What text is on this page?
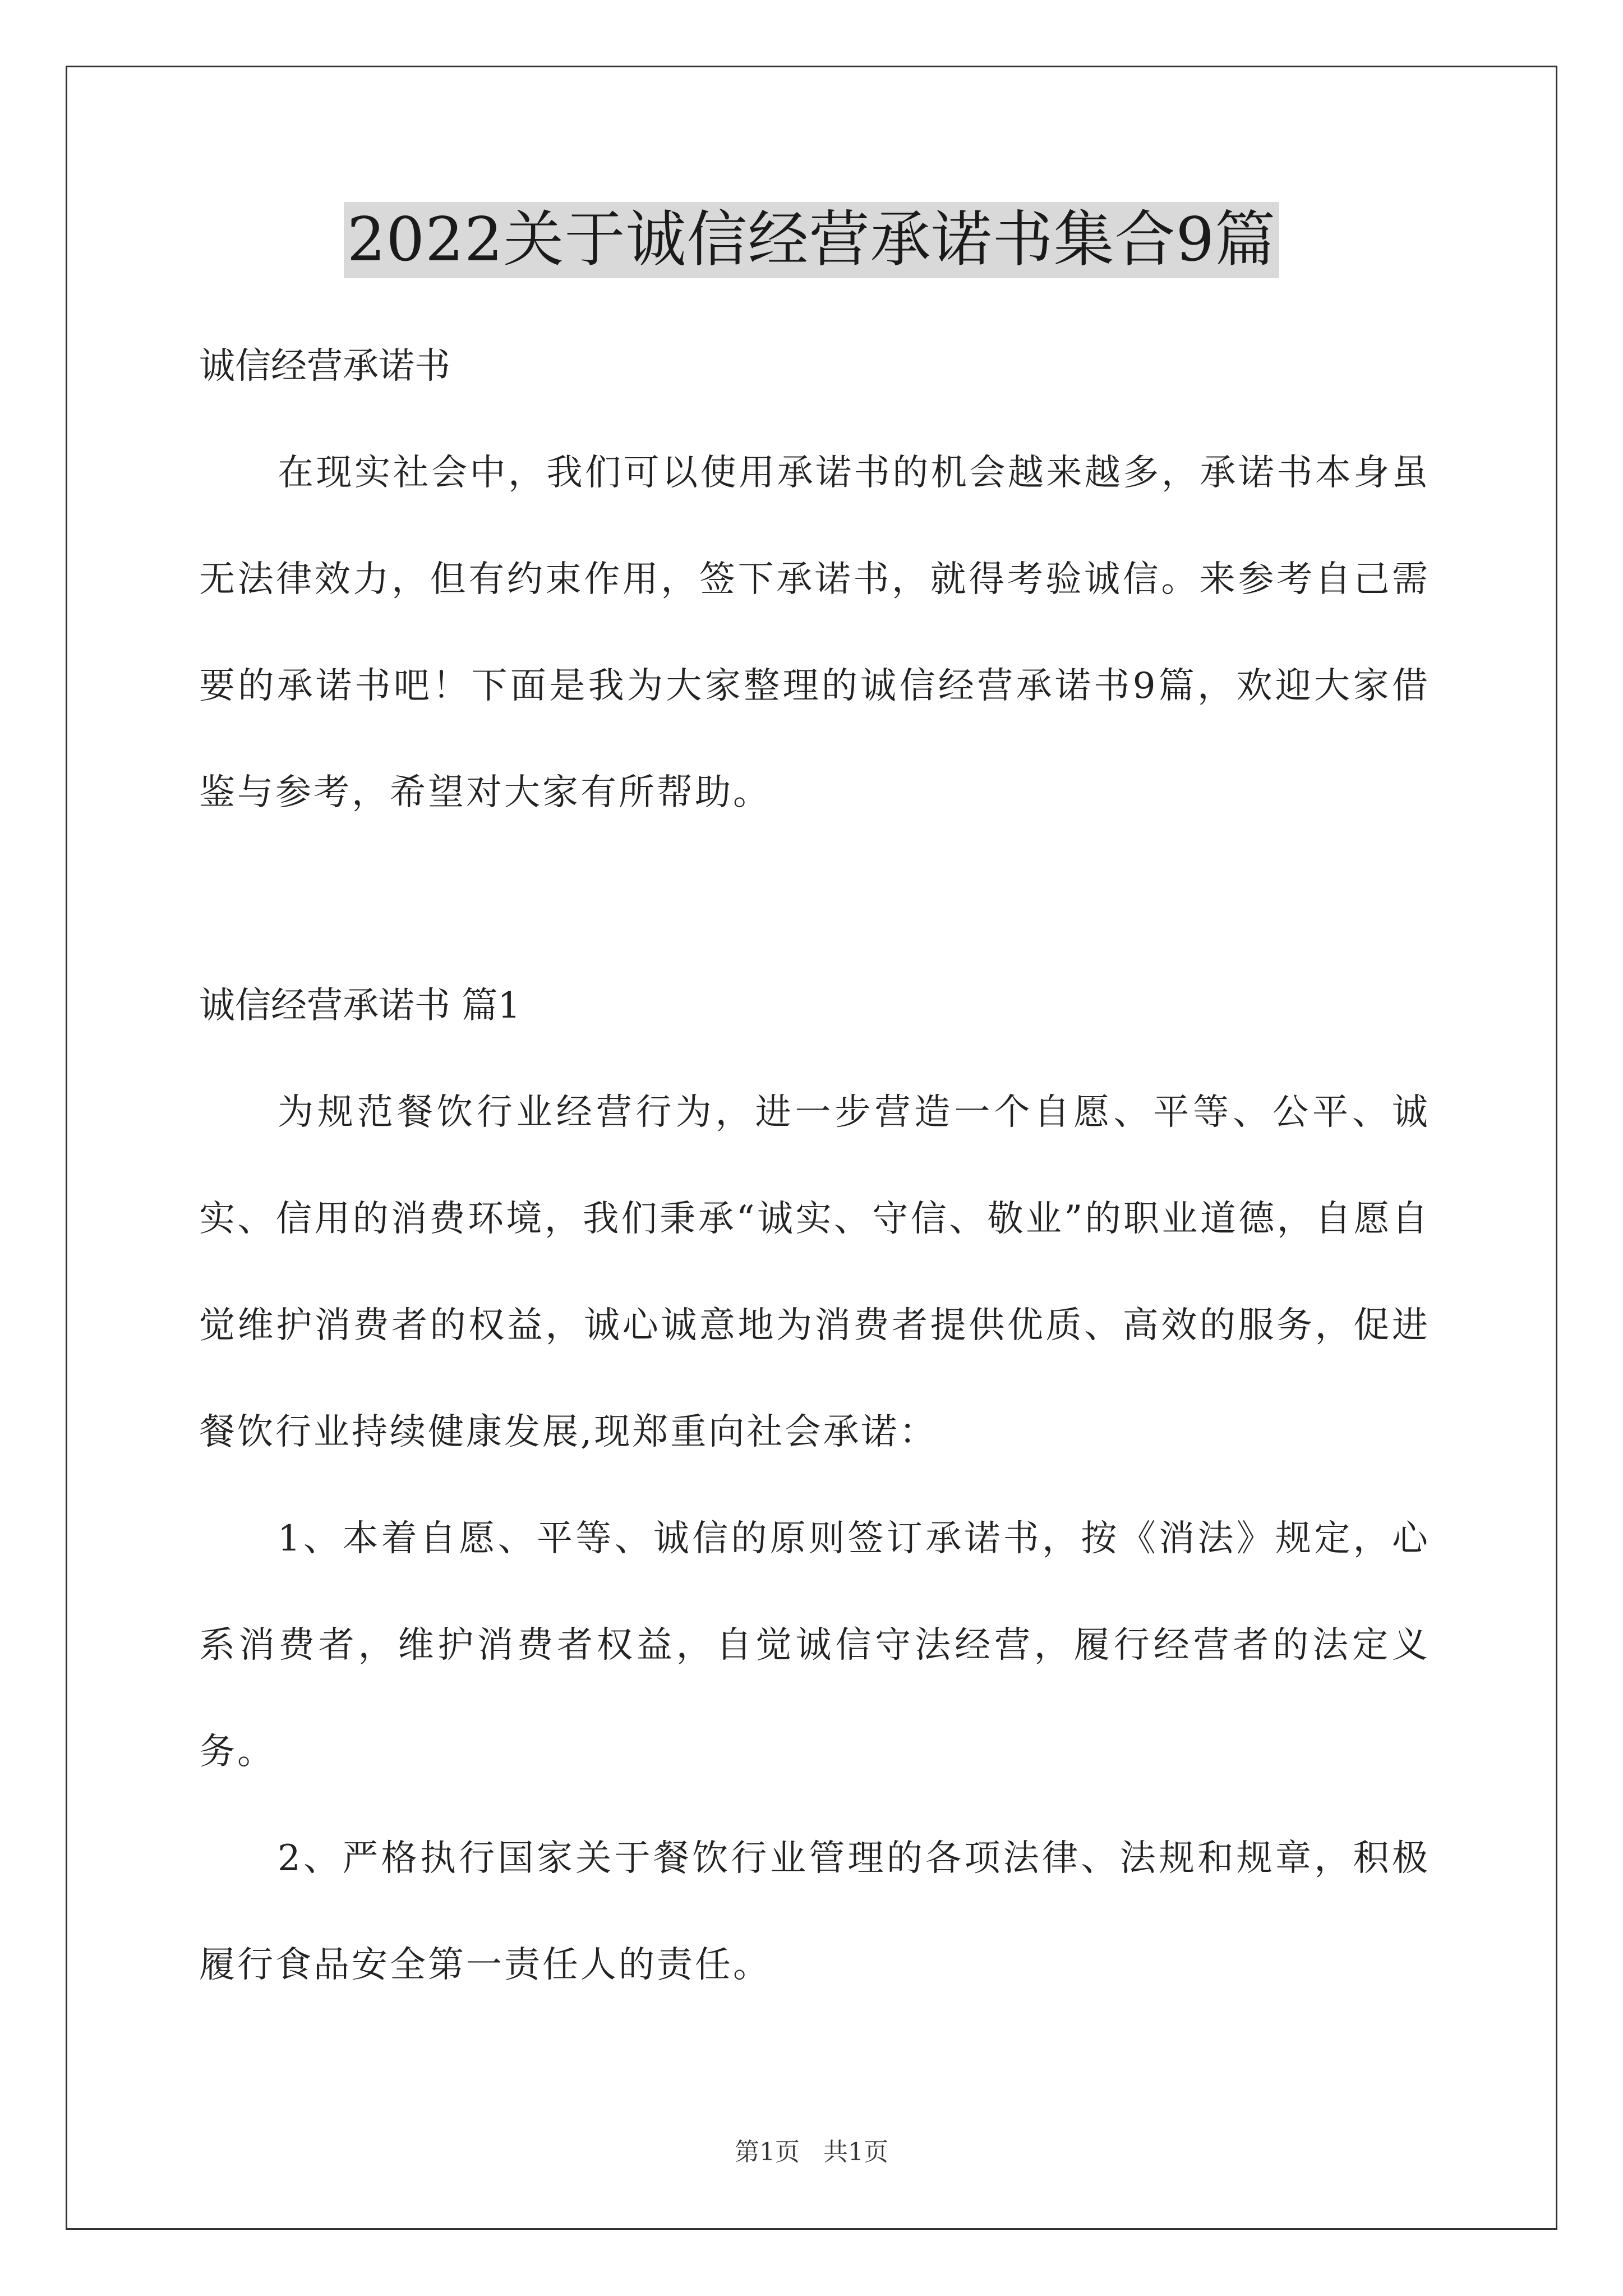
2022关于诚信经营承诺书集合9篇
诚信经营承诺书

在现实社会中，我们可以使用承诺书的机会越来越多，承诺书本身虽无法律效力，但有约束作用，签下承诺书，就得考验诚信。来参考自己需要的承诺书吧！下面是我为大家整理的诚信经营承诺书9篇，欢迎大家借鉴与参考，希望对大家有所帮助。

诚信经营承诺书 篇1

为规范餐饮行业经营行为，进一步营造一个自愿、平等、公平、诚实、信用的消费环境，我们秉承“诚实、守信、敬业”的职业道德，自愿自觉维护消费者的权益，诚心诚意地为消费者提供优质、高效的服务，促进餐饮行业持续健康发展,现郑重向社会承诺：

1、本着自愿、平等、诚信的原则签订承诺书，按《消法》规定，心系消费者，维护消费者权益，自觉诚信守法经营，履行经营者的法定义务。

2、严格执行国家关于餐饮行业管理的各项法律、法规和规章，积极履行食品安全第一责任人的责任。

第1页 共1页
